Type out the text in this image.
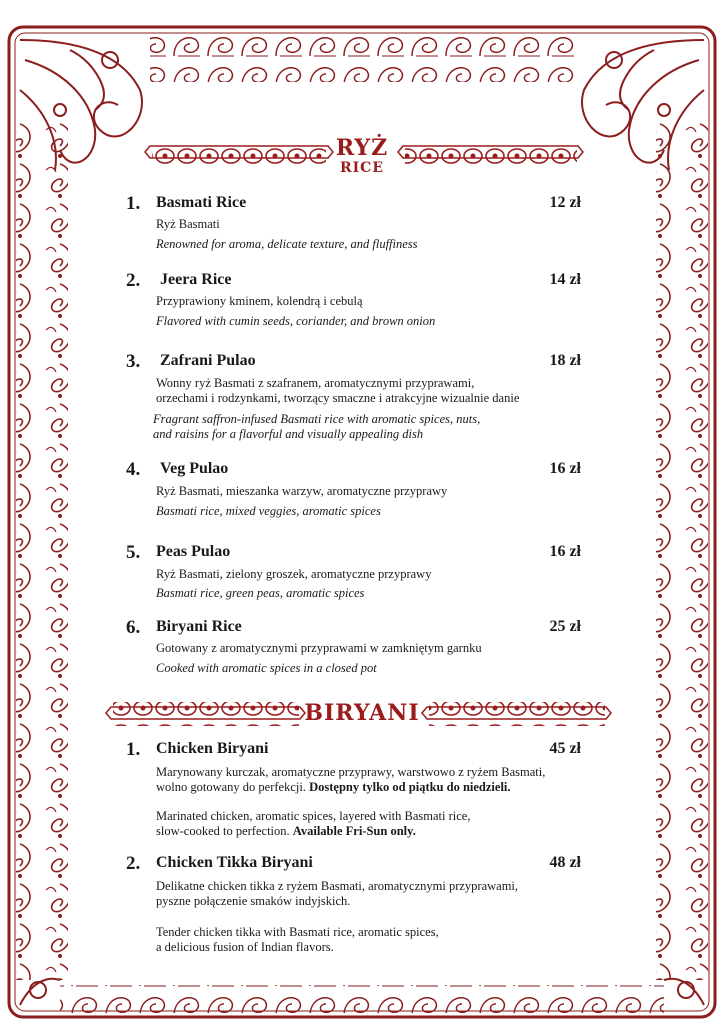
RYŻ
RICE
1. Basmati Rice	12 zł
Ryż Basmati
Renowned for aroma, delicate texture, and fluffiness
2. Jeera Rice	14 zł
Przyprawiony kminem, kolendrą i cebulą
Flavored with cumin seeds, coriander, and brown onion
3. Zafrani Pulao	18 zł
Wonny ryż Basmati z szafranem, aromatycznymi przyprawami,
orzechami i rodzynkami, tworzący smaczne i atrakcyjne wizualnie danie
Fragrant saffron-infused Basmati rice with aromatic spices, nuts,
and raisins for a flavorful and visually appealing dish
4. Veg Pulao	16 zł
Ryż Basmati, mieszanka warzyw, aromatyczne przyprawy
Basmati rice, mixed veggies, aromatic spices
5. Peas Pulao	16 zł
Ryż Basmati, zielony groszek, aromatyczne przyprawy
Basmati rice, green peas, aromatic spices
6. Biryani Rice	25 zł
Gotowany z aromatycznymi przyprawami w zamkniętym garnku
Cooked with aromatic spices in a closed pot
BIRYANI
1. Chicken Biryani	45 zł
Marynowany kurczak, aromatyczne przyprawy, warstwowo z ryżem Basmati,
wolno gotowany do perfekcji. Dostępny tylko od piątku do niedzieli.
Marinated chicken, aromatic spices, layered with Basmati rice,
slow-cooked to perfection. Available Fri-Sun only.
2. Chicken Tikka Biryani	48 zł
Delikatne chicken tikka z ryżem Basmati, aromatycznymi przyprawami,
pyszne połączenie smaków indyjskich.
Tender chicken tikka with Basmati rice, aromatic spices,
a delicious fusion of Indian flavors.
